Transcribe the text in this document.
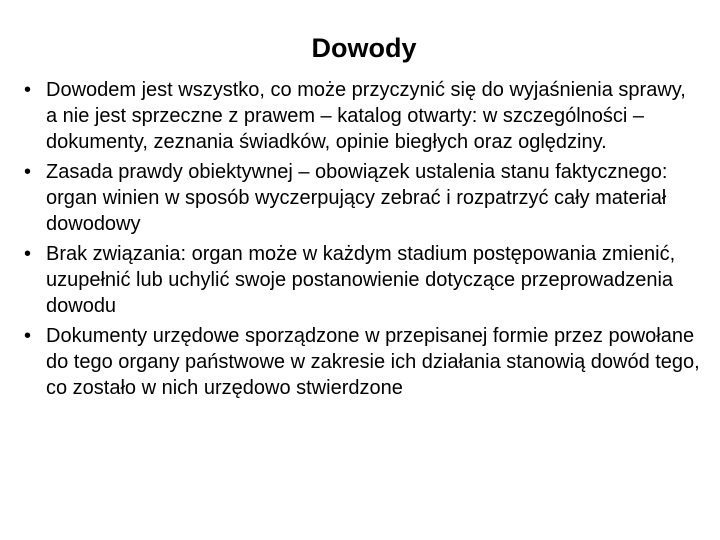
Dowody
• Dowodem jest wszystko, co może przyczynić się do wyjaśnienia sprawy, a nie jest sprzeczne z prawem – katalog otwarty: w szczególności – dokumenty, zeznania świadków, opinie biegłych oraz oględziny.
• Zasada prawdy obiektywnej – obowiązek ustalenia stanu faktycznego: organ winien w sposób wyczerpujący zebrać i rozpatrzyć cały materiał dowodowy
• Brak związania: organ może w każdym stadium postępowania zmienić, uzupełnić lub uchylić swoje postanowienie dotyczące przeprowadzenia dowodu
• Dokumenty urzędowe sporządzone w przepisanej formie przez powołane do tego organy państwowe w zakresie ich działania stanowią dowód tego, co zostało w nich urzędowo stwierdzone
